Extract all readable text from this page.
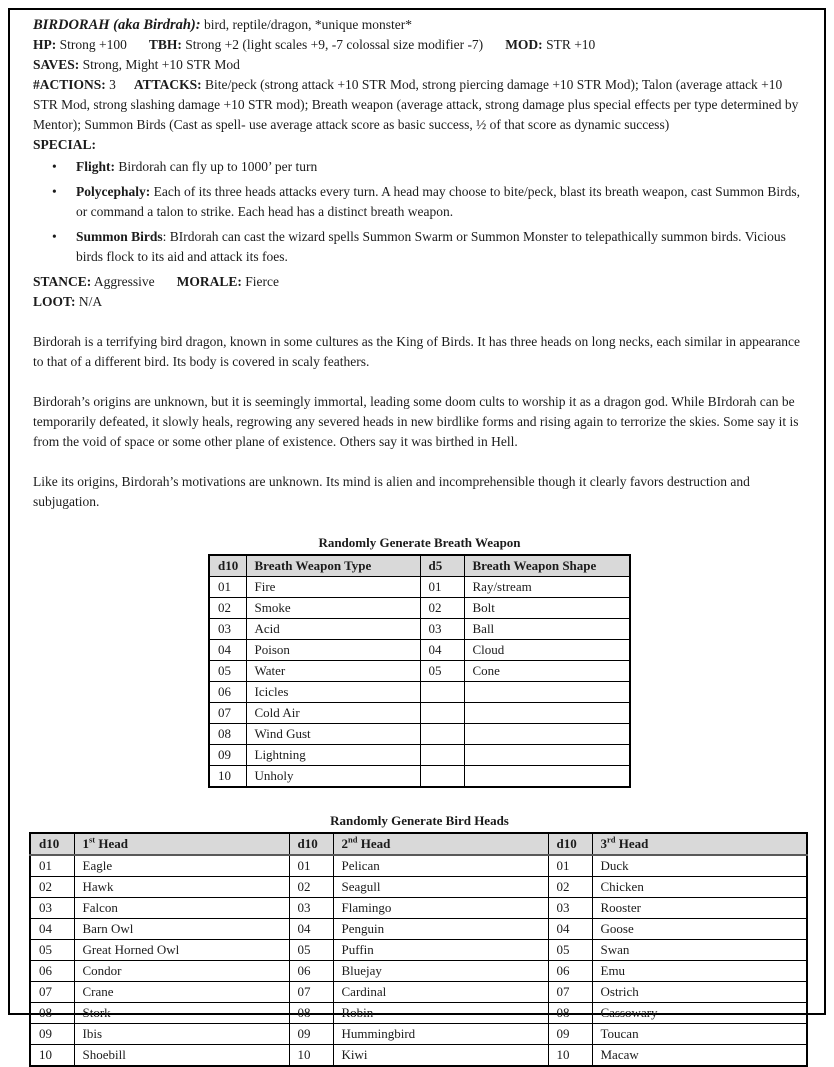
BIRDORAH (aka Birdrah): bird, reptile/dragon, *unique monster*

HP: Strong +100 TBH: Strong +2 (light scales +9, -7 colossal size modifier -7) MOD: STR +10

SAVES: Strong, Might +10 STR Mod

#ACTIONS: 3 ATTACKS: Bite/peck (strong attack +10 STR Mod, strong piercing damage +10 STR Mod); Talon (average attack +10 STR Mod, strong slashing damage +10 STR mod); Breath weapon (average attack, strong damage plus special effects per type determined by Mentor); Summon Birds (Cast as spell- use average attack score as basic success, ½ of that score as dynamic success)

SPECIAL:

• Flight: Birdorah can fly up to 1000’ per turn
• Polycephaly: Each of its three heads attacks every turn. A head may choose to bite/peck, blast its breath weapon, cast Summon Birds, or command a talon to strike. Each head has a distinct breath weapon.
• Summon Birds: BIrdorah can cast the wizard spells Summon Swarm or Summon Monster to telepathically summon birds. Vicious birds flock to its aid and attack its foes.

STANCE: Aggressive MORALE: Fierce

LOOT: N/A

Birdorah is a terrifying bird dragon, known in some cultures as the King of Birds. It has three heads on long necks, each similar in appearance to that of a different bird. Its body is covered in scaly feathers.

Birdorah’s origins are unknown, but it is seemingly immortal, leading some doom cults to worship it as a dragon god. While BIrdorah can be temporarily defeated, it slowly heals, regrowing any severed heads in new birdlike forms and rising again to terrorize the skies. Some say it is from the void of space or some other plane of existence. Others say it was birthed in Hell.

Like its origins, Birdorah’s motivations are unknown. Its mind is alien and incomprehensible though it clearly favors destruction and subjugation.

Randomly Generate Breath Weapon

d10	Breath Weapon Type	d5	Breath Weapon Shape
01	Fire	01	Ray/stream
02	Smoke	02	Bolt
03	Acid	03	Ball
04	Poison	04	Cloud
05	Water	05	Cone
06	Icicles		
07	Cold Air		
08	Wind Gust		
09	Lightning		
10	Unholy		

Randomly Generate Bird Heads

d10	1st Head	d10	2nd Head	d10	3rd Head
01	Eagle	01	Pelican	01	Duck
02	Hawk	02	Seagull	02	Chicken
03	Falcon	03	Flamingo	03	Rooster
04	Barn Owl	04	Penguin	04	Goose
05	Great Horned Owl	05	Puffin	05	Swan
06	Condor	06	Bluejay	06	Emu
07	Crane	07	Cardinal	07	Ostrich
08	Stork	08	Robin	08	Cassowary
09	Ibis	09	Hummingbird	09	Toucan
10	Shoebill	10	Kiwi	10	Macaw
